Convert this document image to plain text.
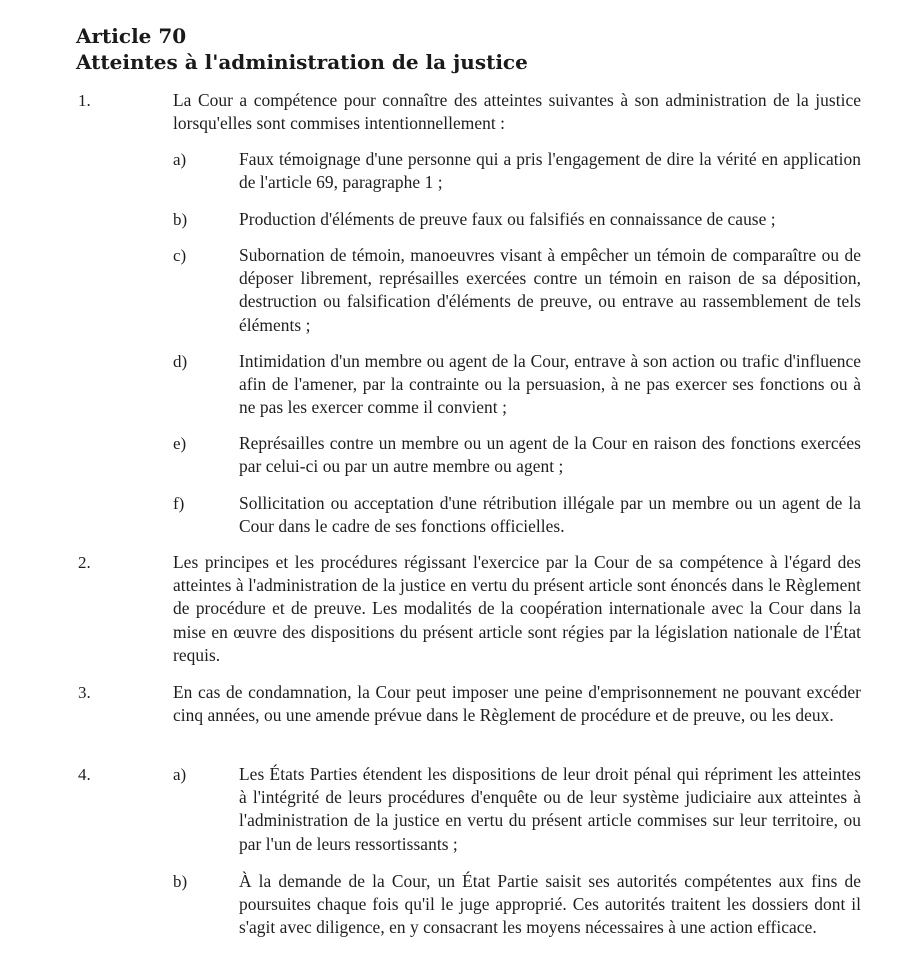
Article 70
Atteintes à l'administration de la justice
1.	La Cour a compétence pour connaître des atteintes suivantes à son administration de la justice lorsqu'elles sont commises intentionnellement :

a)	Faux témoignage d'une personne qui a pris l'engagement de dire la vérité en application de l'article 69, paragraphe 1 ;

b)	Production d'éléments de preuve faux ou falsifiés en connaissance de cause ;

c)	Subornation de témoin, manoeuvres visant à empêcher un témoin de comparaître ou de déposer librement, représailles exercées contre un témoin en raison de sa déposition, destruction ou falsification d'éléments de preuve, ou entrave au rassemblement de tels éléments ;

d)	Intimidation d'un membre ou agent de la Cour, entrave à son action ou trafic d'influence afin de l'amener, par la contrainte ou la persuasion, à ne pas exercer ses fonctions ou à ne pas les exercer comme il convient ;

e)	Représailles contre un membre ou un agent de la Cour en raison des fonctions exercées par celui-ci ou par un autre membre ou agent ;

f)	Sollicitation ou acceptation d'une rétribution illégale par un membre ou un agent de la Cour dans le cadre de ses fonctions officielles.

2.	Les principes et les procédures régissant l'exercice par la Cour de sa compétence à l'égard des atteintes à l'administration de la justice en vertu du présent article sont énoncés dans le Règlement de procédure et de preuve. Les modalités de la coopération internationale avec la Cour dans la mise en œuvre des dispositions du présent article sont régies par la législation nationale de l'État requis.

3.	En cas de condamnation, la Cour peut imposer une peine d'emprisonnement ne pouvant excéder cinq années, ou une amende prévue dans le Règlement de procédure et de preuve, ou les deux.

4.	a)	Les États Parties étendent les dispositions de leur droit pénal qui répriment les atteintes à l'intégrité de leurs procédures d'enquête ou de leur système judiciaire aux atteintes à l'administration de la justice en vertu du présent article commises sur leur territoire, ou par l'un de leurs ressortissants ;

b)	À la demande de la Cour, un État Partie saisit ses autorités compétentes aux fins de poursuites chaque fois qu'il le juge approprié. Ces autorités traitent les dossiers dont il s'agit avec diligence, en y consacrant les moyens nécessaires à une action efficace.
